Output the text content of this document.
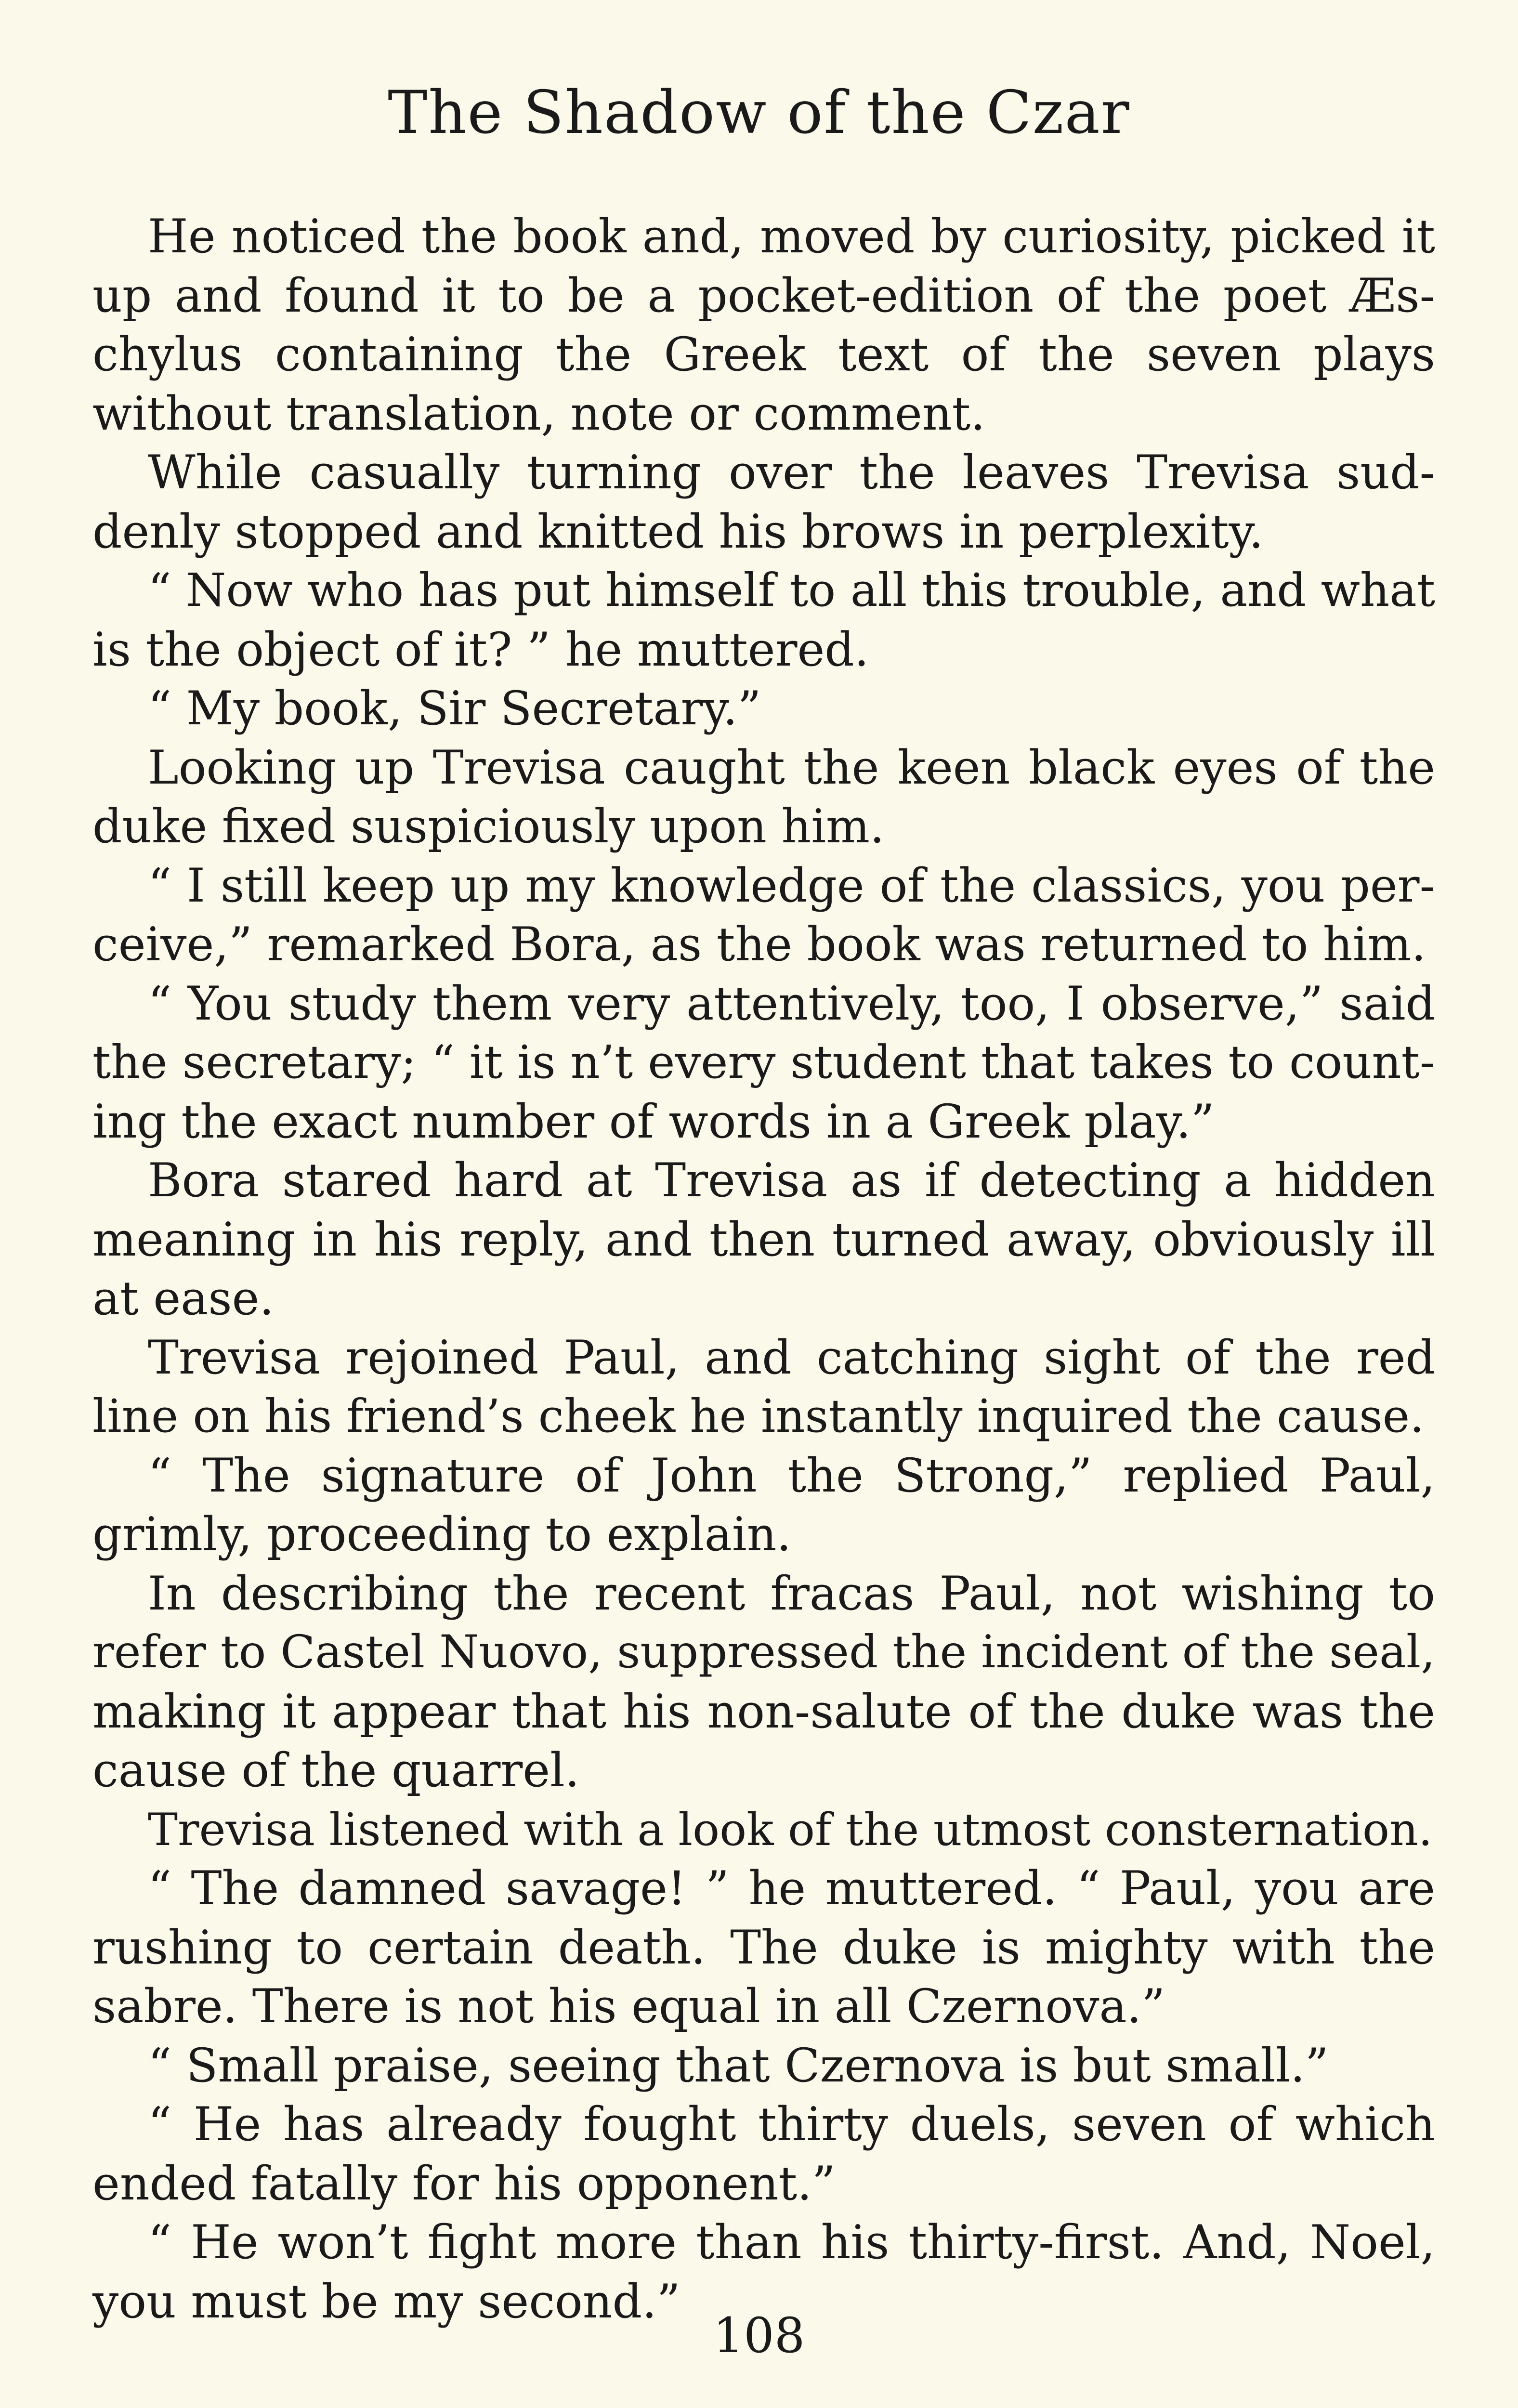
The Shadow of the Czar
He noticed the book and, moved by curiosity, picked it
up and found it to be a pocket-edition of the poet Æs-
chylus containing the Greek text of the seven plays
without translation, note or comment.
While casually turning over the leaves Trevisa sud-
denly stopped and knitted his brows in perplexity.
“ Now who has put himself to all this trouble, and what
is the object of it? ” he muttered.
“ My book, Sir Secretary.”
Looking up Trevisa caught the keen black eyes of the
duke fixed suspiciously upon him.
“ I still keep up my knowledge of the classics, you per-
ceive,” remarked Bora, as the book was returned to him.
“ You study them very attentively, too, I observe,” said
the secretary; “ it is n’t every student that takes to count-
ing the exact number of words in a Greek play.”
Bora stared hard at Trevisa as if detecting a hidden
meaning in his reply, and then turned away, obviously ill
at ease.
Trevisa rejoined Paul, and catching sight of the red
line on his friend’s cheek he instantly inquired the cause.
“ The signature of John the Strong,” replied Paul,
grimly, proceeding to explain.
In describing the recent fracas Paul, not wishing to
refer to Castel Nuovo, suppressed the incident of the seal,
making it appear that his non-salute of the duke was the
cause of the quarrel.
Trevisa listened with a look of the utmost consternation.
“ The damned savage! ” he muttered. “ Paul, you are
rushing to certain death. The duke is mighty with the
sabre. There is not his equal in all Czernova.”
“ Small praise, seeing that Czernova is but small.”
“ He has already fought thirty duels, seven of which
ended fatally for his opponent.”
“ He won’t fight more than his thirty-first. And, Noel,
you must be my second.”
108
